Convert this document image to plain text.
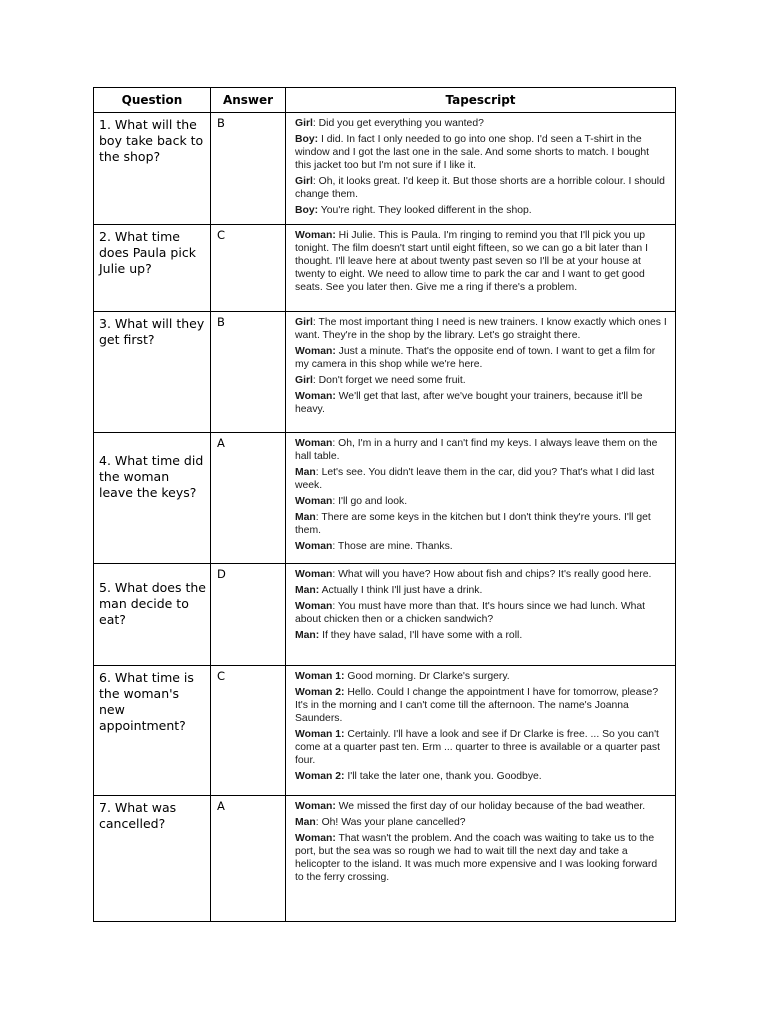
Question	Answer	Tapescript
1. What will the boy take back to the shop?	B	Girl: Did you get everything you wanted?

Boy: I did. In fact I only needed to go into one shop. I'd seen a T-shirt in the window and I got the last one in the sale. And some shorts to match. I bought this jacket too but I'm not sure if I like it.

Girl: Oh, it looks great. I'd keep it. But those shorts are a horrible colour. I should change them.

Boy: You're right. They looked different in the shop.

2. What time does Paula pick Julie up?	C	Woman: Hi Julie. This is Paula. I'm ringing to remind you that I'll pick you up tonight. The film doesn't start until eight fifteen, so we can go a bit later than I thought. I'll leave here at about twenty past seven so I'll be at your house at twenty to eight. We need to allow time to park the car and I want to get good seats. See you later then. Give me a ring if there's a problem.

3. What will they get first?	B	Girl: The most important thing I need is new trainers. I know exactly which ones I want. They're in the shop by the library. Let's go straight there.

Woman: Just a minute. That's the opposite end of town. I want to get a film for my camera in this shop while we're here.

Girl: Don't forget we need some fruit.

Woman: We'll get that last, after we've bought your trainers, because it'll be heavy.

4. What time did the woman leave the keys?	A	Woman: Oh, I'm in a hurry and I can't find my keys. I always leave them on the hall table.

Man: Let's see. You didn't leave them in the car, did you? That's what I did last week.

Woman: I'll go and look.

Man: There are some keys in the kitchen but I don't think they're yours. I'll get them.

Woman: Those are mine. Thanks.

5. What does the man decide to eat?	D	Woman: What will you have? How about fish and chips? It's really good here.

Man: Actually I think I'll just have a drink.

Woman: You must have more than that. It's hours since we had lunch. What about chicken then or a chicken sandwich?

Man: If they have salad, I'll have some with a roll.

6. What time is the woman's new appointment?	C	Woman 1: Good morning. Dr Clarke's surgery.

Woman 2: Hello. Could I change the appointment I have for tomorrow, please? It's in the morning and I can't come till the afternoon. The name's Joanna Saunders.

Woman 1: Certainly. I'll have a look and see if Dr Clarke is free. ... So you can't come at a quarter past ten. Erm ... quarter to three is available or a quarter past four.

Woman 2: I'll take the later one, thank you. Goodbye.

7. What was cancelled?	A	Woman: We missed the first day of our holiday because of the bad weather.

Man: Oh! Was your plane cancelled?

Woman: That wasn't the problem. And the coach was waiting to take us to the port, but the sea was so rough we had to wait till the next day and take a helicopter to the island. It was much more expensive and I was looking forward to the ferry crossing.
